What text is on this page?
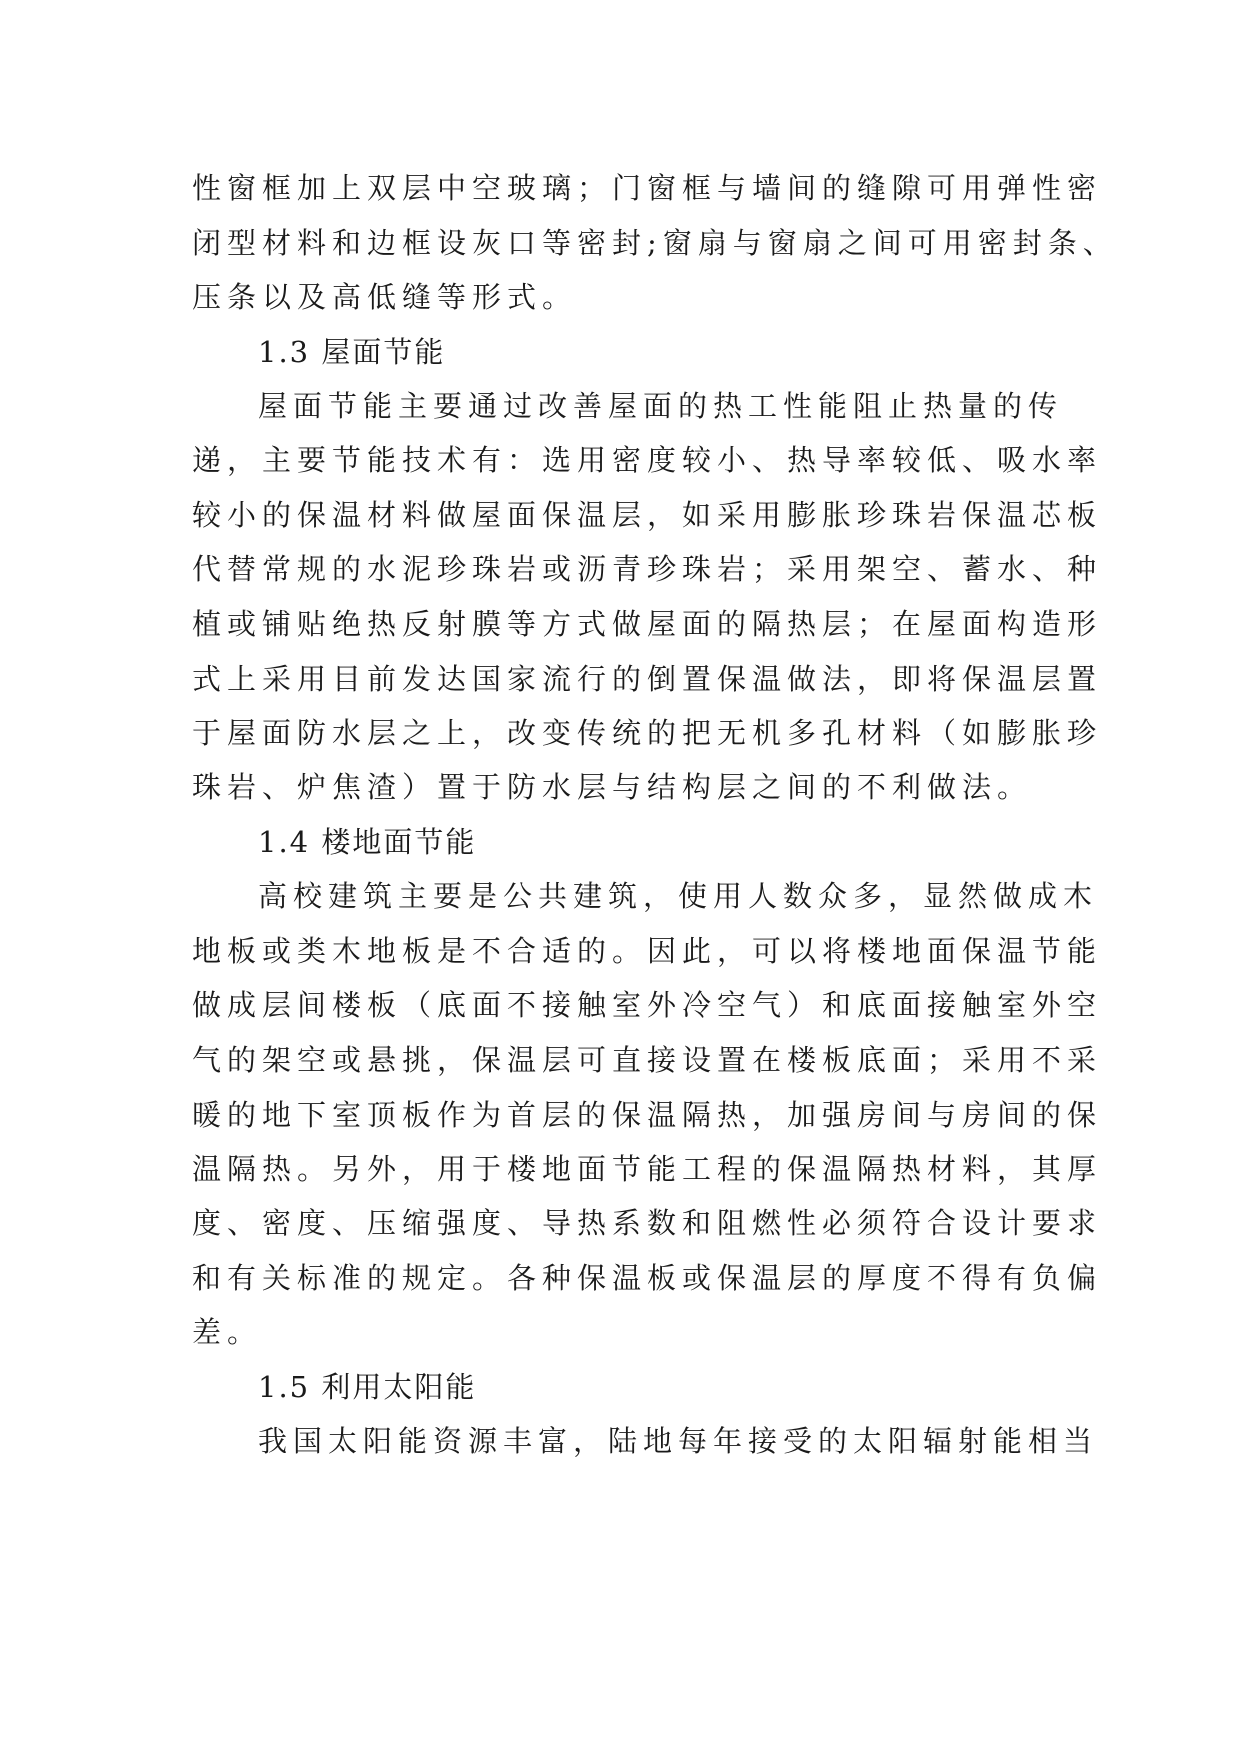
性窗框加上双层中空玻璃；门窗框与墙间的缝隙可用弹性密
闭型材料和边框设灰口等密封;窗扇与窗扇之间可用密封条、
压条以及高低缝等形式。
1.3 屋面节能
屋面节能主要通过改善屋面的热工性能阻止热量的传
递，主要节能技术有：选用密度较小、热导率较低、吸水率
较小的保温材料做屋面保温层，如采用膨胀珍珠岩保温芯板
代替常规的水泥珍珠岩或沥青珍珠岩；采用架空、蓄水、种
植或铺贴绝热反射膜等方式做屋面的隔热层；在屋面构造形
式上采用目前发达国家流行的倒置保温做法，即将保温层置
于屋面防水层之上，改变传统的把无机多孔材料（如膨胀珍
珠岩、炉焦渣）置于防水层与结构层之间的不利做法。
1.4 楼地面节能
高校建筑主要是公共建筑，使用人数众多，显然做成木
地板或类木地板是不合适的。因此，可以将楼地面保温节能
做成层间楼板（底面不接触室外冷空气）和底面接触室外空
气的架空或悬挑，保温层可直接设置在楼板底面；采用不采
暖的地下室顶板作为首层的保温隔热，加强房间与房间的保
温隔热。另外，用于楼地面节能工程的保温隔热材料，其厚
度、密度、压缩强度、导热系数和阻燃性必须符合设计要求
和有关标准的规定。各种保温板或保温层的厚度不得有负偏
差。
1.5 利用太阳能
我国太阳能资源丰富，陆地每年接受的太阳辐射能相当
